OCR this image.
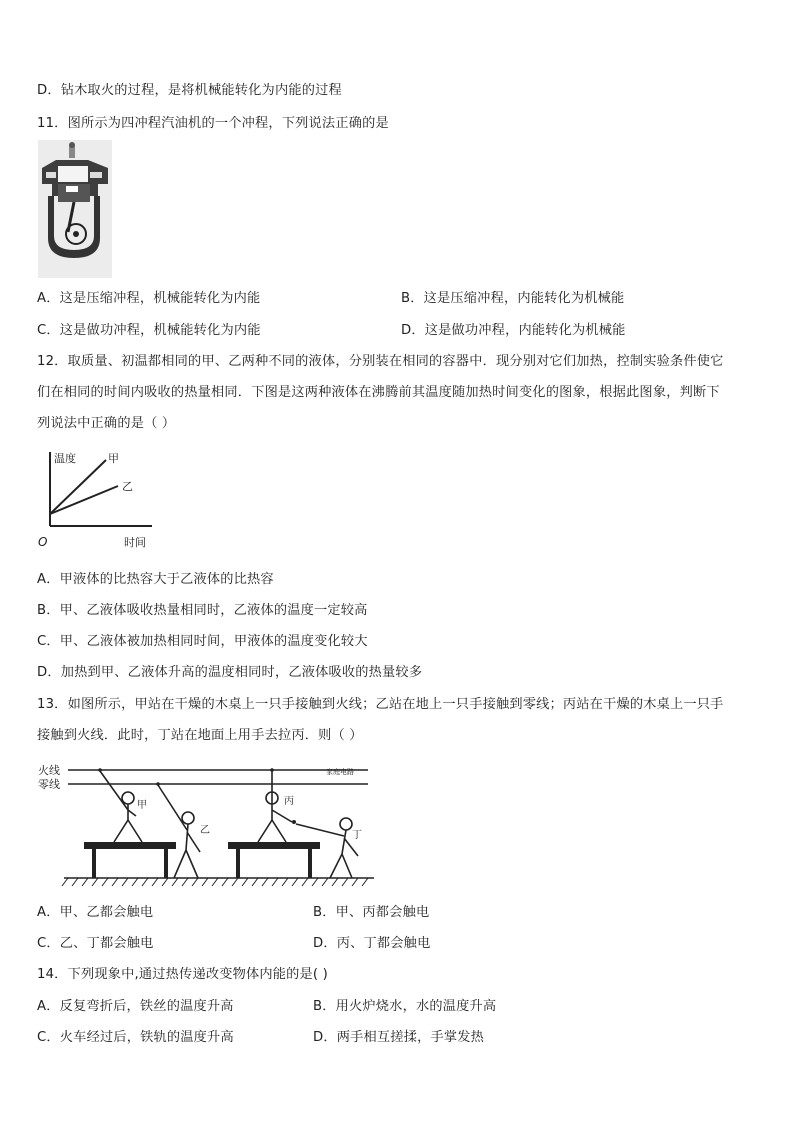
D．钻木取火的过程，是将机械能转化为内能的过程
11．图所示为四冲程汽油机的一个冲程，下列说法正确的是
A．这是压缩冲程，机械能转化为内能	B．这是压缩冲程，内能转化为机械能
C．这是做功冲程，机械能转化为内能	D．这是做功冲程，内能转化为机械能
12．取质量、初温都相同的甲、乙两种不同的液体，分别装在相同的容器中．现分别对它们加热，控制实验条件使它
们在相同的时间内吸收的热量相同．下图是这两种液体在沸腾前其温度随加热时间变化的图象，根据此图象，判断下
列说法中正确的是（ ）
温度	甲
乙
O	时间
A．甲液体的比热容大于乙液体的比热容
B．甲、乙液体吸收热量相同时，乙液体的温度一定较高
C．甲、乙液体被加热相同时间，甲液体的温度变化较大
D．加热到甲、乙液体升高的温度相同时，乙液体吸收的热量较多
13．如图所示，甲站在干燥的木桌上一只手接触到火线；乙站在地上一只手接触到零线；丙站在干燥的木桌上一只手
接触到火线．此时，丁站在地面上用手去拉丙．则（ ）
火线
零线
家庭电路
甲
乙
丙
丁
A．甲、乙都会触电	B．甲、丙都会触电
C．乙、丁都会触电	D．丙、丁都会触电
14．下列现象中,通过热传递改变物体内能的是( )
A．反复弯折后，铁丝的温度升高	B．用火炉烧水，水的温度升高
C．火车经过后，铁轨的温度升高	D．两手相互搓揉，手掌发热
